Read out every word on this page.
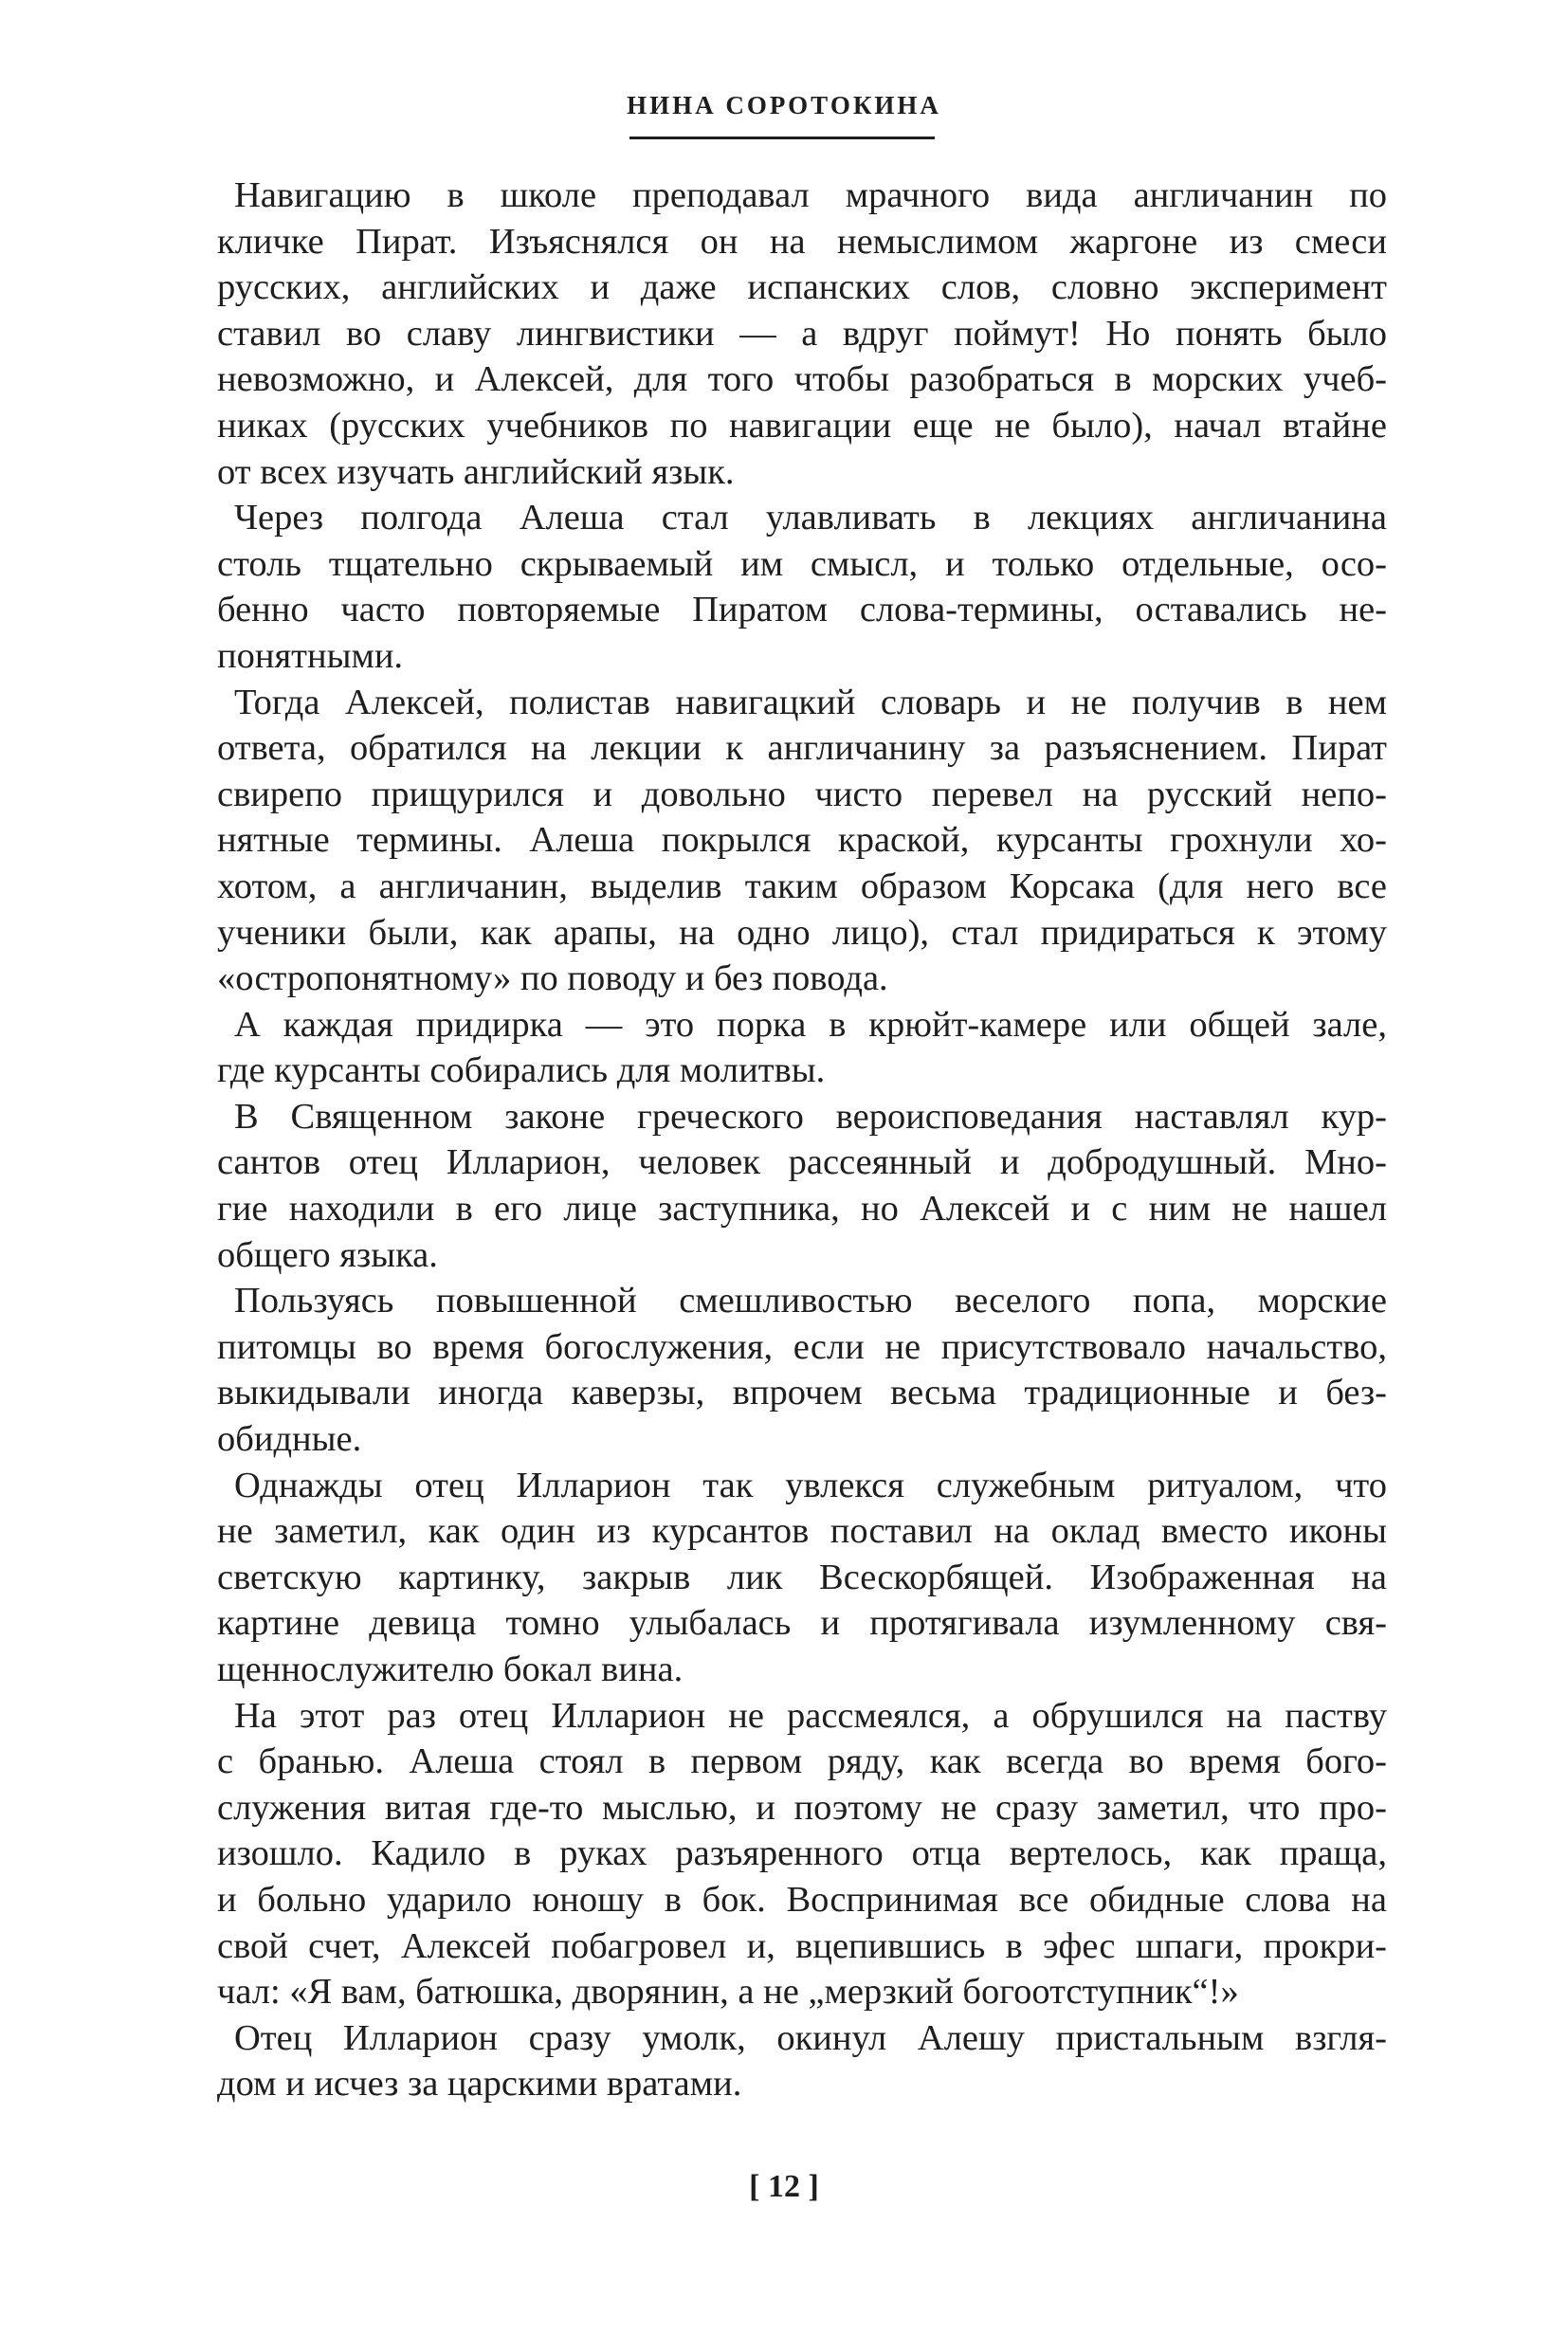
НИНА СОРОТОКИНА
Навигацию в школе преподавал мрачного вида англичанин по
кличке Пират. Изъяснялся он на немыслимом жаргоне из смеси
русских, английских и даже испанских слов, словно эксперимент
ставил во славу лингвистики — а вдруг поймут! Но понять было
невозможно, и Алексей, для того чтобы разобраться в морских учеб-
никах (русских учебников по навигации еще не было), начал втайне
от всех изучать английский язык.
Через полгода Алеша стал улавливать в лекциях англичанина
столь тщательно скрываемый им смысл, и только отдельные, осо-
бенно часто повторяемые Пиратом слова-термины, оставались не-
понятными.
Тогда Алексей, полистав навигацкий словарь и не получив в нем
ответа, обратился на лекции к англичанину за разъяснением. Пират
свирепо прищурился и довольно чисто перевел на русский непо-
нятные термины. Алеша покрылся краской, курсанты грохнули хо-
хотом, а англичанин, выделив таким образом Корсака (для него все
ученики были, как арапы, на одно лицо), стал придираться к этому
«остропонятному» по поводу и без повода.
А каждая придирка — это порка в крюйт-камере или общей зале,
где курсанты собирались для молитвы.
В Священном законе греческого вероисповедания наставлял кур-
сантов отец Илларион, человек рассеянный и добродушный. Мно-
гие находили в его лице заступника, но Алексей и с ним не нашел
общего языка.
Пользуясь повышенной смешливостью веселого попа, морские
питомцы во время богослужения, если не присутствовало начальство,
выкидывали иногда каверзы, впрочем весьма традиционные и без-
обидные.
Однажды отец Илларион так увлекся служебным ритуалом, что
не заметил, как один из курсантов поставил на оклад вместо иконы
светскую картинку, закрыв лик Всескорбящей. Изображенная на
картине девица томно улыбалась и протягивала изумленному свя-
щеннослужителю бокал вина.
На этот раз отец Илларион не рассмеялся, а обрушился на паству
с бранью. Алеша стоял в первом ряду, как всегда во время бого-
служения витая где-то мыслью, и поэтому не сразу заметил, что про-
изошло. Кадило в руках разъяренного отца вертелось, как праща,
и больно ударило юношу в бок. Воспринимая все обидные слова на
свой счет, Алексей побагровел и, вцепившись в эфес шпаги, прокри-
чал: «Я вам, батюшка, дворянин, а не „мерзкий богоотступник“!»
Отец Илларион сразу умолк, окинул Алешу пристальным взгля-
дом и исчез за царскими вратами.
[ 12 ]
